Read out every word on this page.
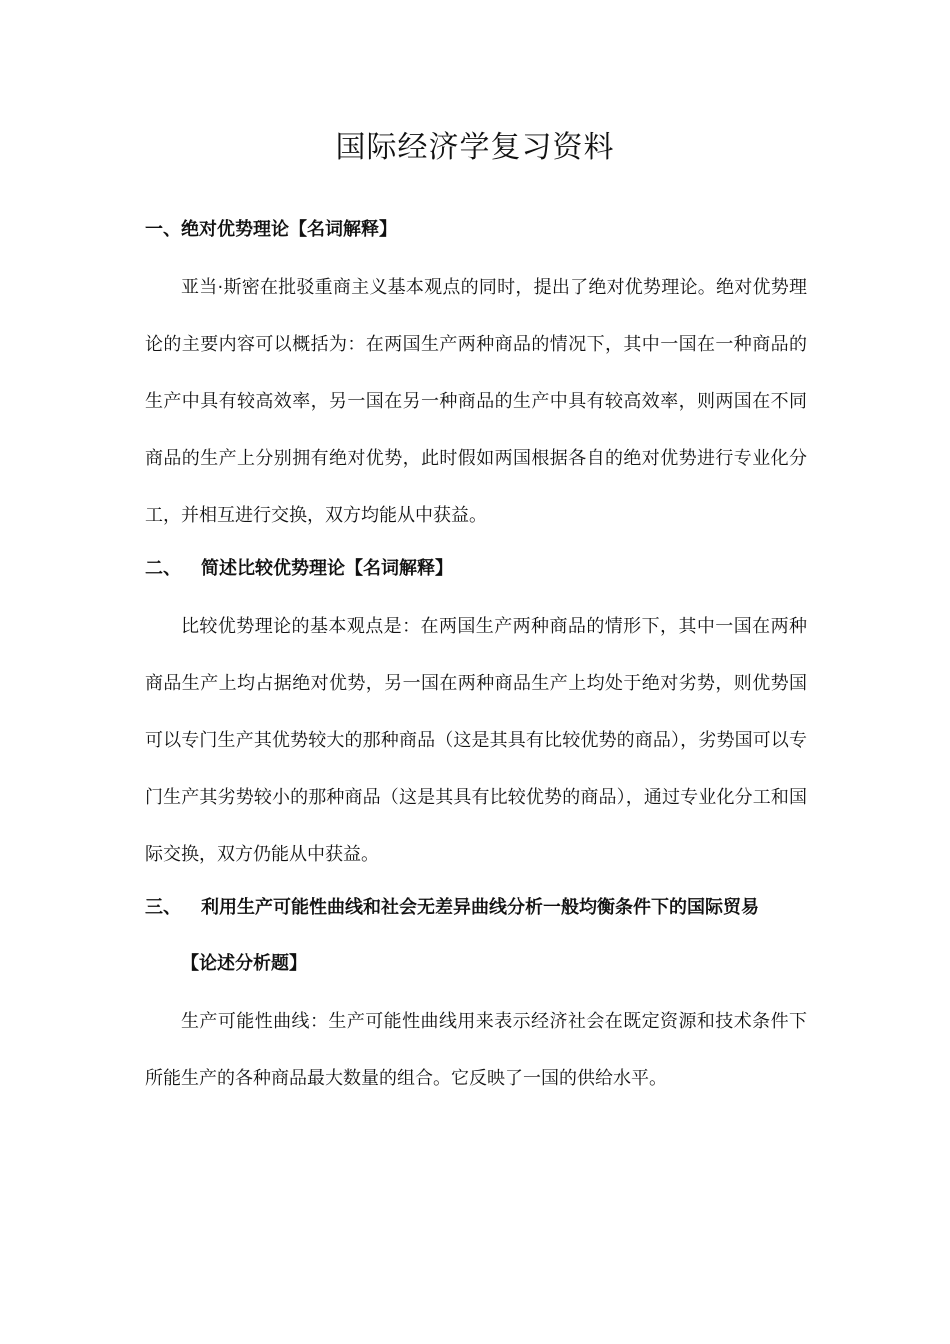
国际经济学复习资料
一、绝对优势理论【名词解释】

亚当·斯密在批驳重商主义基本观点的同时，提出了绝对优势理论。绝对优势理论的主要内容可以概括为：在两国生产两种商品的情况下，其中一国在一种商品的生产中具有较高效率，另一国在另一种商品的生产中具有较高效率，则两国在不同商品的生产上分别拥有绝对优势，此时假如两国根据各自的绝对优势进行专业化分工，并相互进行交换，双方均能从中获益。

二、 简述比较优势理论【名词解释】

比较优势理论的基本观点是：在两国生产两种商品的情形下，其中一国在两种商品生产上均占据绝对优势，另一国在两种商品生产上均处于绝对劣势，则优势国可以专门生产其优势较大的那种商品（这是其具有比较优势的商品），劣势国可以专门生产其劣势较小的那种商品（这是其具有比较优势的商品），通过专业化分工和国际交换，双方仍能从中获益。

三、 利用生产可能性曲线和社会无差异曲线分析一般均衡条件下的国际贸易
【论述分析题】

生产可能性曲线：生产可能性曲线用来表示经济社会在既定资源和技术条件下所能生产的各种商品最大数量的组合。它反映了一国的供给水平。
